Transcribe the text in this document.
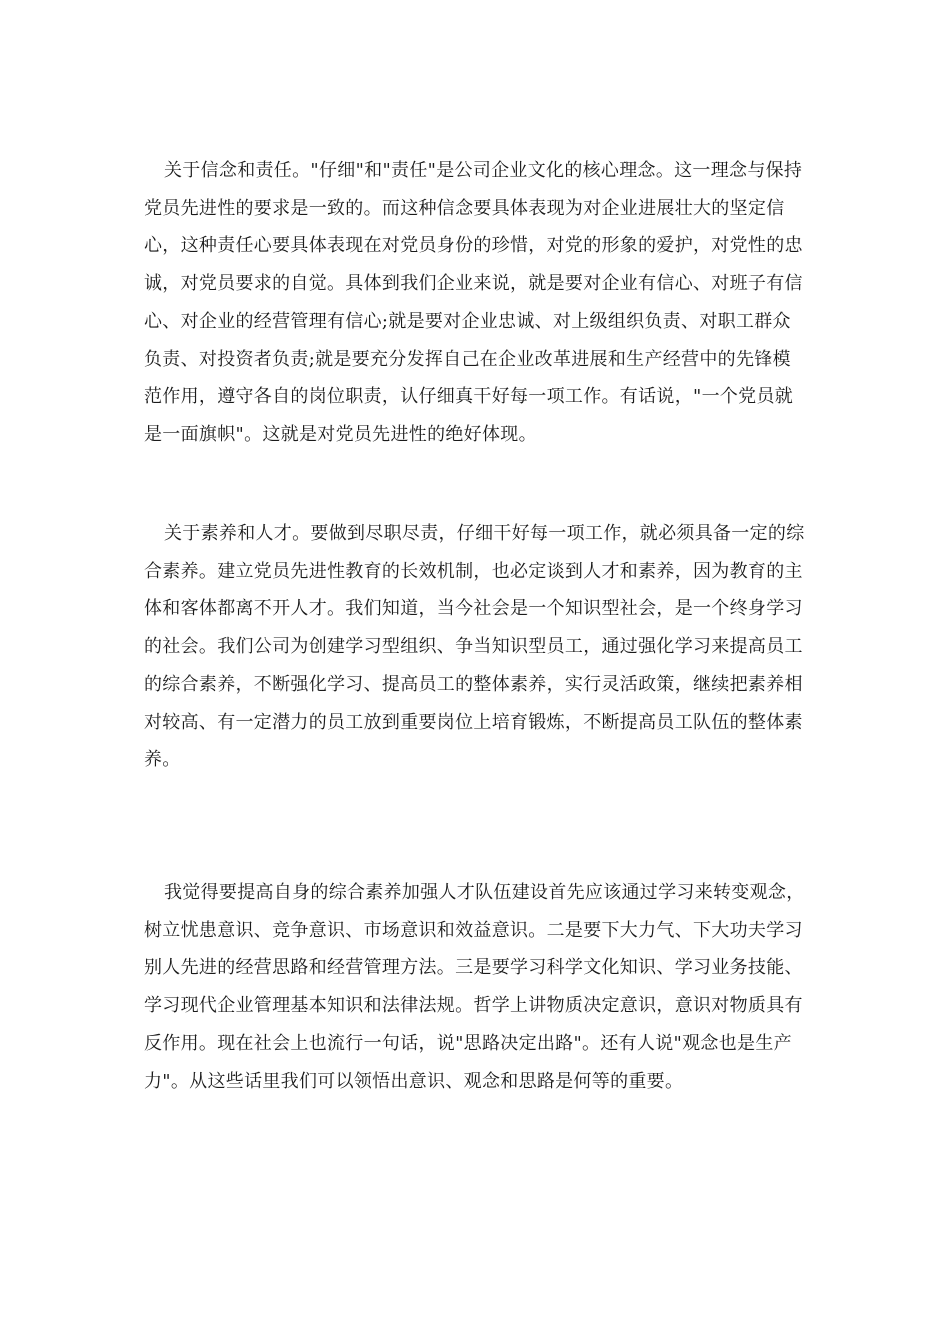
关于信念和责任。"仔细"和"责任"是公司企业文化的核心理念。这一理念与保持党员先进性的要求是一致的。而这种信念要具体表现为对企业进展壮大的坚定信心，这种责任心要具体表现在对党员身份的珍惜，对党的形象的爱护，对党性的忠诚，对党员要求的自觉。具体到我们企业来说，就是要对企业有信心、对班子有信心、对企业的经营管理有信心;就是要对企业忠诚、对上级组织负责、对职工群众负责、对投资者负责;就是要充分发挥自己在企业改革进展和生产经营中的先锋模范作用，遵守各自的岗位职责，认仔细真干好每一项工作。有话说，"一个党员就是一面旗帜"。这就是对党员先进性的绝好体现。

关于素养和人才。要做到尽职尽责，仔细干好每一项工作，就必须具备一定的综合素养。建立党员先进性教育的长效机制，也必定谈到人才和素养，因为教育的主体和客体都离不开人才。我们知道，当今社会是一个知识型社会，是一个终身学习的社会。我们公司为创建学习型组织、争当知识型员工，通过强化学习来提高员工的综合素养，不断强化学习、提高员工的整体素养，实行灵活政策，继续把素养相对较高、有一定潜力的员工放到重要岗位上培育锻炼，不断提高员工队伍的整体素养。

我觉得要提高自身的综合素养加强人才队伍建设首先应该通过学习来转变观念，树立忧患意识、竞争意识、市场意识和效益意识。二是要下大力气、下大功夫学习别人先进的经营思路和经营管理方法。三是要学习科学文化知识、学习业务技能、学习现代企业管理基本知识和法律法规。哲学上讲物质决定意识，意识对物质具有反作用。现在社会上也流行一句话，说"思路决定出路"。还有人说"观念也是生产力"。从这些话里我们可以领悟出意识、观念和思路是何等的重要。
